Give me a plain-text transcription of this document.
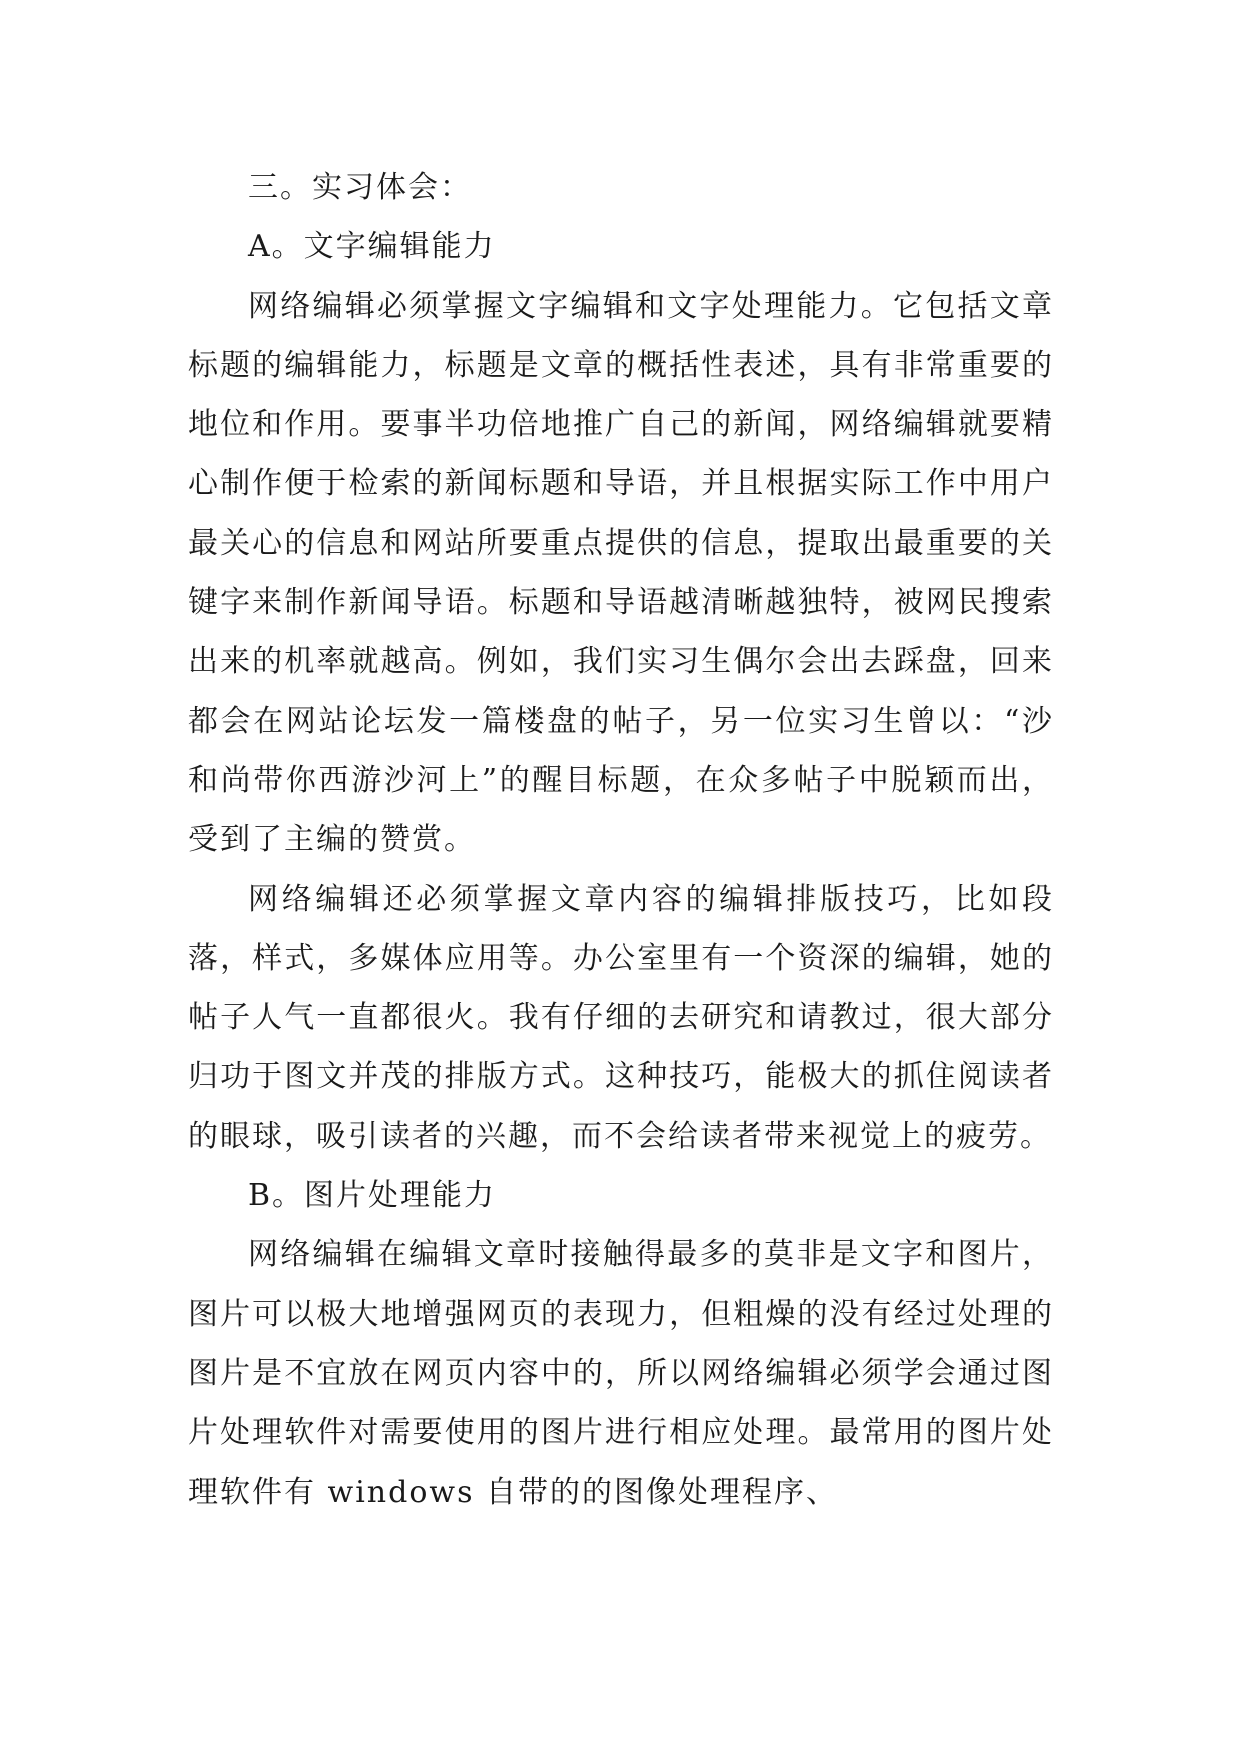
三。实习体会：

A。文字编辑能力

网络编辑必须掌握文字编辑和文字处理能力。它包括文章标题的编辑能力，标题是文章的概括性表述，具有非常重要的地位和作用。要事半功倍地推广自己的新闻，网络编辑就要精心制作便于检索的新闻标题和导语，并且根据实际工作中用户最关心的信息和网站所要重点提供的信息，提取出最重要的关键字来制作新闻导语。标题和导语越清晰越独特，被网民搜索出来的机率就越高。例如，我们实习生偶尔会出去踩盘，回来都会在网站论坛发一篇楼盘的帖子，另一位实习生曾以：“沙和尚带你西游沙河上”的醒目标题，在众多帖子中脱颖而出，受到了主编的赞赏。

网络编辑还必须掌握文章内容的编辑排版技巧，比如段落，样式，多媒体应用等。办公室里有一个资深的编辑，她的帖子人气一直都很火。我有仔细的去研究和请教过，很大部分归功于图文并茂的排版方式。这种技巧，能极大的抓住阅读者的眼球，吸引读者的兴趣，而不会给读者带来视觉上的疲劳。

B。图片处理能力

网络编辑在编辑文章时接触得最多的莫非是文字和图片，图片可以极大地增强网页的表现力，但粗燥的没有经过处理的图片是不宜放在网页内容中的，所以网络编辑必须学会通过图片处理软件对需要使用的图片进行相应处理。最常用的图片处理软件有 windows 自带的的图像处理程序、
